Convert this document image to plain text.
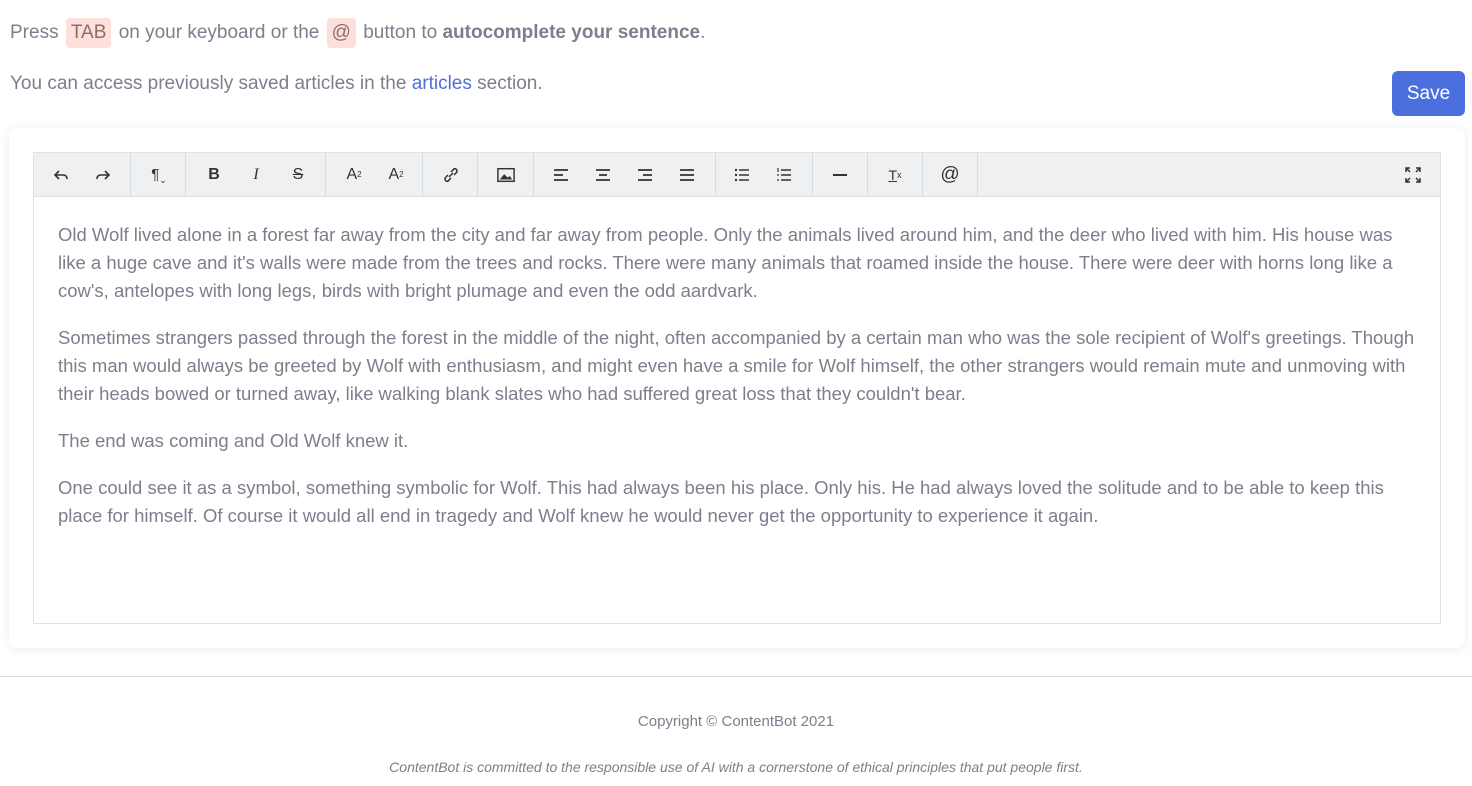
Press TAB on your keyboard or the @ button to autocomplete your sentence.
You can access previously saved articles in the articles section.	Save
¶ ⌄	B	I	S	A 2	A 2	T x	@

Old Wolf lived alone in a forest far away from the city and far away from people. Only the animals lived around him, and the deer who lived with him. His house was like a huge cave and it's walls were made from the trees and rocks. There were many animals that roamed inside the house. There were deer with horns long like a cow's, antelopes with long legs, birds with bright plumage and even the odd aardvark.

Sometimes strangers passed through the forest in the middle of the night, often accompanied by a certain man who was the sole recipient of Wolf's greetings. Though this man would always be greeted by Wolf with enthusiasm, and might even have a smile for Wolf himself, the other strangers would remain mute and unmoving with their heads bowed or turned away, like walking blank slates who had suffered great loss that they couldn't bear.

The end was coming and Old Wolf knew it.

One could see it as a symbol, something symbolic for Wolf. This had always been his place. Only his. He had always loved the solitude and to be able to keep this place for himself. Of course it would all end in tragedy and Wolf knew he would never get the opportunity to experience it again.

Copyright © ContentBot 2021
ContentBot is committed to the responsible use of AI with a cornerstone of ethical principles that put people first.
